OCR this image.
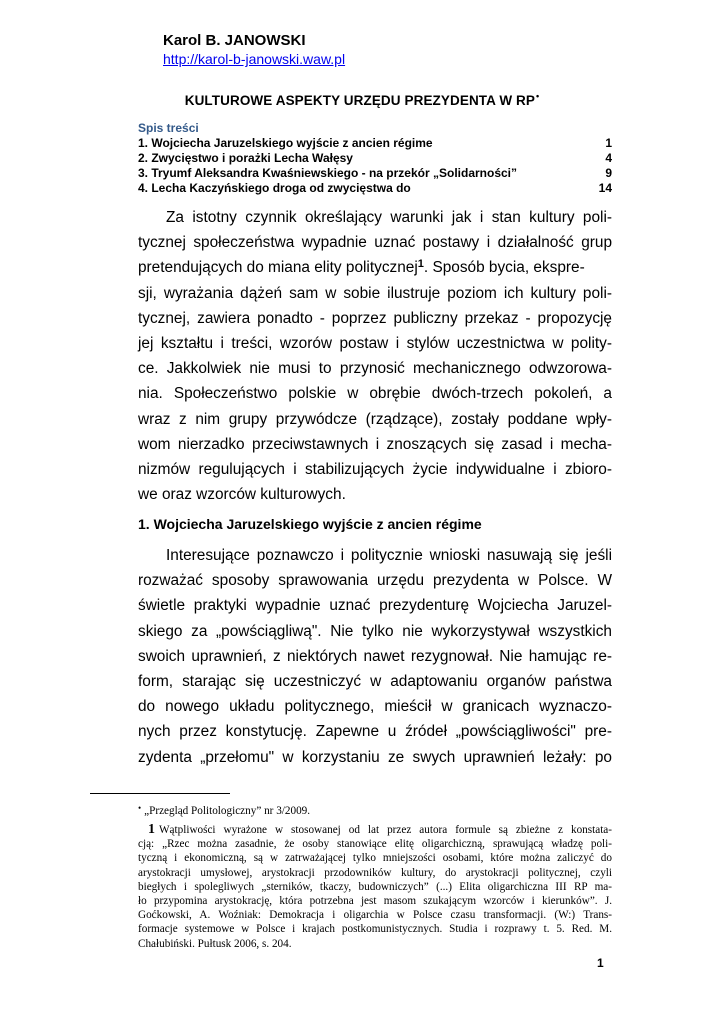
Karol B. JANOWSKI
http://karol-b-janowski.waw.pl
KULTUROWE ASPEKTY URZĘDU PREZYDENTA W RP•
Spis treści
1. Wojciecha Jaruzelskiego wyjście z ancien régime	1
2. Zwycięstwo i porażki Lecha Wałęsy	4
3. Tryumf Aleksandra Kwaśniewskiego - na przekór „Solidarności”	9
4. Lecha Kaczyńskiego droga od zwycięstwa do	14
Za istotny czynnik określający warunki jak i stan kultury poli-
tycznej społeczeństwa wypadnie uznać postawy i działalność grup
pretendujących do miana elity politycznej$^1$. Sposób bycia, ekspre-
sji, wyrażania dążeń sam w sobie ilustruje poziom ich kultury poli-
tycznej, zawiera ponadto - poprzez publiczny przekaz - propozycję
jej kształtu i treści, wzorów postaw i stylów uczestnictwa w polity-
ce. Jakkolwiek nie musi to przynosić mechanicznego odwzorowa-
nia. Społeczeństwo polskie w obrębie dwóch-trzech pokoleń, a
wraz z nim grupy przywódcze (rządzące), zostały poddane wpły-
wom nierzadko przeciwstawnych i znoszących się zasad i mecha-
nizmów regulujących i stabilizujących życie indywidualne i zbioro-
we oraz wzorców kulturowych.
1. Wojciecha Jaruzelskiego wyjście z ancien régime
Interesujące poznawczo i politycznie wnioski nasuwają się jeśli
rozważać sposoby sprawowania urzędu prezydenta w Polsce. W
świetle praktyki wypadnie uznać prezydenturę Wojciecha Jaruzel-
skiego za „powściągliwą". Nie tylko nie wykorzystywał wszystkich
swoich uprawnień, z niektórych nawet rezygnował. Nie hamując re-
form, starając się uczestniczyć w adaptowaniu organów państwa
do nowego układu politycznego, mieścił w granicach wyznaczo-
nych przez konstytucję. Zapewne u źródeł „powściągliwości" pre-
zydenta „przełomu" w korzystaniu ze swych uprawnień leżały: po
• „Przegląd Politologiczny” nr 3/2009.
1 Wątpliwości wyrażone w stosowanej od lat przez autora formule są zbieżne z konstata-
cją: „Rzec można zasadnie, że osoby stanowiące elitę oligarchiczną, sprawującą władzę poli-
tyczną i ekonomiczną, są w zatrważającej tylko mniejszości osobami, które można zaliczyć do
arystokracji umysłowej, arystokracji przodowników kultury, do arystokracji politycznej, czyli
biegłych i spolegliwych „sterników, tkaczy, budowniczych” (...) Elita oligarchiczna III RP ma-
ło przypomina arystokrację, która potrzebna jest masom szukającym wzorców i kierunków”. J.
Goćkowski, A. Woźniak: Demokracja i oligarchia w Polsce czasu transformacji. (W:) Trans-
formacje systemowe w Polsce i krajach postkomunistycznych. Studia i rozprawy t. 5. Red. M.
Chałubiński. Pułtusk 2006, s. 204.
1
